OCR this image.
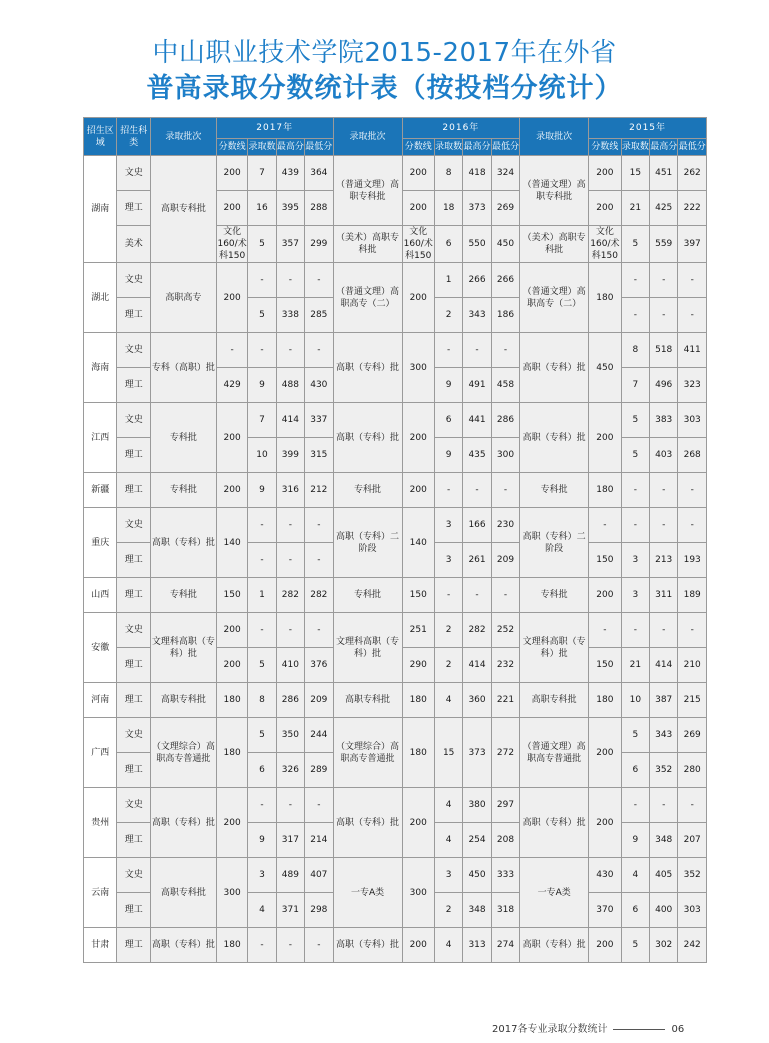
中山职业技术学院2015-2017年在外省
普高录取分数统计表（按投档分统计）
招生区域	招生科类	录取批次	2017年				录取批次	2016年				录取批次	2015年			
			分数线	录取数	最高分	最低分		分数线	录取数	最高分	最低分		分数线	录取数	最高分	最低分
湖南	文史	高职专科批	200	7	439	364	（普通文理）高职专科批	200	8	418	324	（普通文理）高职专科批	200	15	451	262
	理工		200	16	395	288		200	18	373	269		200	21	425	222
	美术		文化160/术科150	5	357	299	（美术）高职专科批	文化160/术科150	6	550	450	（美术）高职专科批	文化160/术科150	5	559	397
湖北	文史	高职高专	200	-	-	-	（普通文理）高职高专（二）	200	1	266	266	（普通文理）高职高专（二）	180	-	-	-
	理工			5	338	285			2	343	186			-	-	-
海南	文史	专科（高职）批	-	-	-	-	高职（专科）批	300	-	-	-	高职（专科）批	450	8	518	411
	理工		429	9	488	430			9	491	458			7	496	323
江西	文史	专科批	200	7	414	337	高职（专科）批	200	6	441	286	高职（专科）批	200	5	383	303
	理工			10	399	315			9	435	300			5	403	268
新疆	理工	专科批	200	9	316	212	专科批	200	-	-	-	专科批	180	-	-	-
重庆	文史	高职（专科）批	140	-	-	-	高职（专科）二阶段	140	3	166	230	高职（专科）二阶段	-	-	-	-
	理工			-	-	-			3	261	209		150	3	213	193
山西	理工	专科批	150	1	282	282	专科批	150	-	-	-	专科批	200	3	311	189
安徽	文史	文理科高职（专科）批	200	-	-	-	文理科高职（专科）批	251	2	282	252	文理科高职（专科）批	-	-	-	-
	理工		200	5	410	376		290	2	414	232		150	21	414	210
河南	理工	高职专科批	180	8	286	209	高职专科批	180	4	360	221	高职专科批	180	10	387	215
广西	文史	（文理综合）高职高专普通批	180	5	350	244	（文理综合）高职高专普通批	180	15	373	272	（普通文理）高职高专普通批	200	5	343	269
	理工			6	326	289								6	352	280
贵州	文史	高职（专科）批	200	-	-	-	高职（专科）批	200	4	380	297	高职（专科）批	200	-	-	-
	理工			9	317	214			4	254	208			9	348	207
云南	文史	高职专科批	300	3	489	407	一专A类	300	3	450	333	一专A类	430	4	405	352
	理工			4	371	298			2	348	318		370	6	400	303
甘肃	理工	高职（专科）批	180	-	-	-	高职（专科）批	200	4	313	274	高职（专科）批	200	5	302	242
2017各专业录取分数统计	06
